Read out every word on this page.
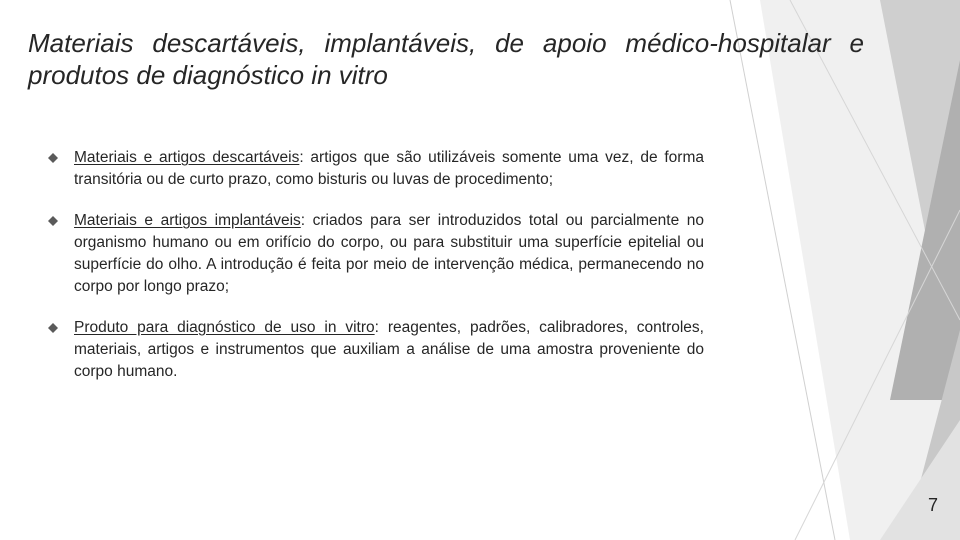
Materiais descartáveis, implantáveis, de apoio médico-hospitalar e produtos de diagnóstico in vitro
Materiais e artigos descartáveis: artigos que são utilizáveis somente uma vez, de forma transitória ou de curto prazo, como bisturis ou luvas de procedimento;
Materiais e artigos implantáveis: criados para ser introduzidos total ou parcialmente no organismo humano ou em orifício do corpo, ou para substituir uma superfície epitelial ou superfície do olho. A introdução é feita por meio de intervenção médica, permanecendo no corpo por longo prazo;
Produto para diagnóstico de uso in vitro: reagentes, padrões, calibradores, controles, materiais, artigos e instrumentos que auxiliam a análise de uma amostra proveniente do corpo humano.
7
